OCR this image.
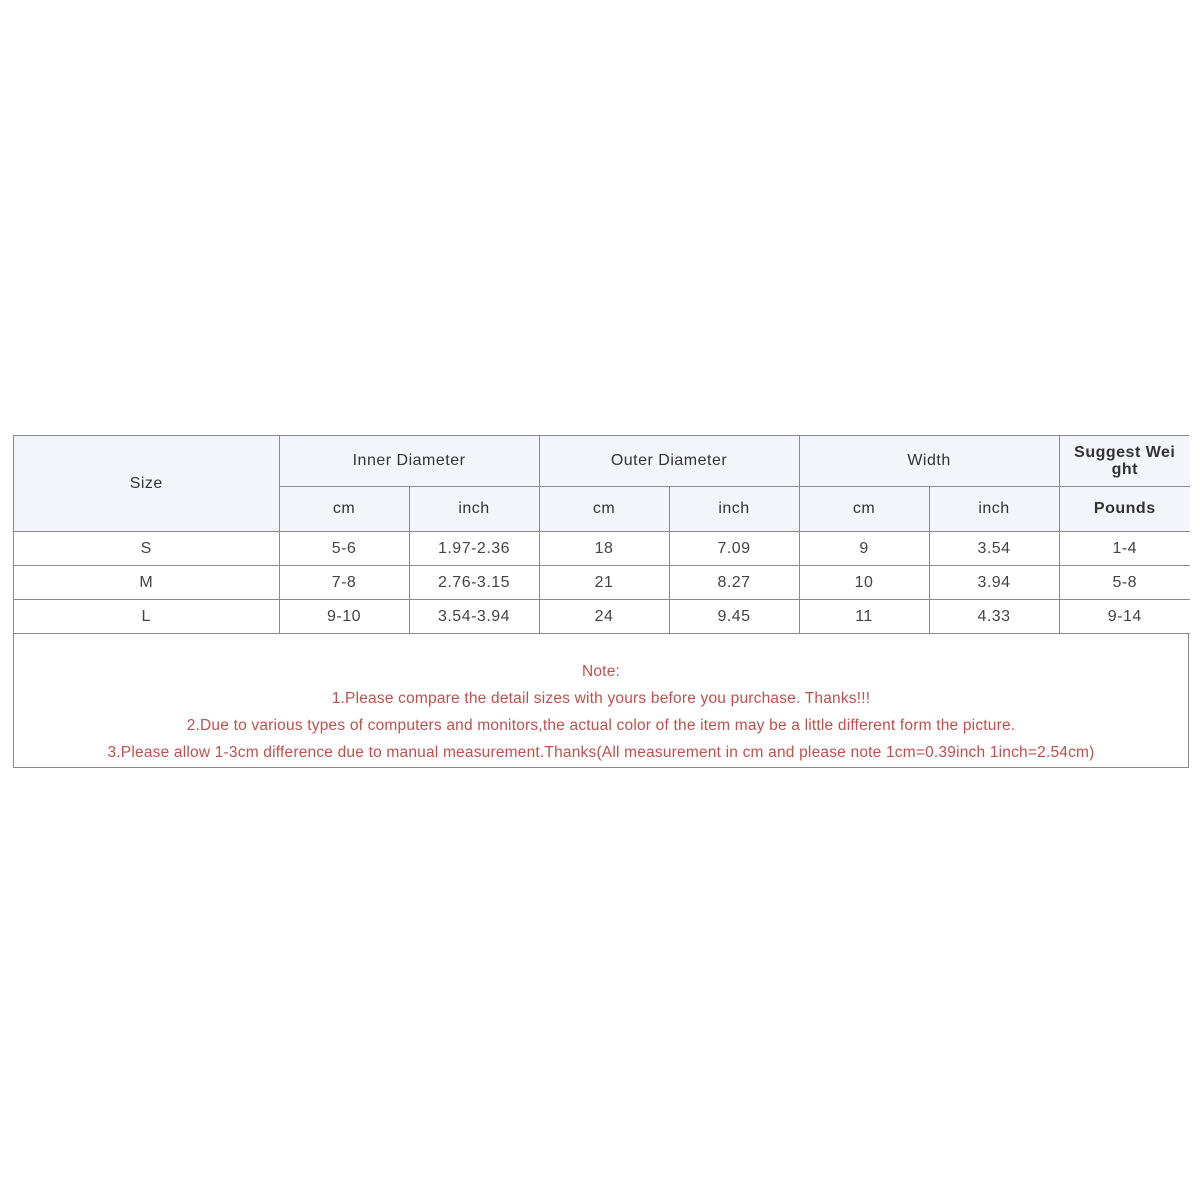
Size	Inner Diameter		Outer Diameter		Width		Suggest Wei ght
	cm	inch	cm	inch	cm	inch	Pounds
S	5-6	1.97-2.36	18	7.09	9	3.54	1-4
M	7-8	2.76-3.15	21	8.27	10	3.94	5-8
L	9-10	3.54-3.94	24	9.45	11	4.33	9-14
Note:
1.Please compare the detail sizes with yours before you purchase. Thanks!!!
2.Due to various types of computers and monitors,the actual color of the item may be a little different form the picture.
3.Please allow 1-3cm difference due to manual measurement.Thanks(All measurement in cm and please note 1cm=0.39inch 1inch=2.54cm)
